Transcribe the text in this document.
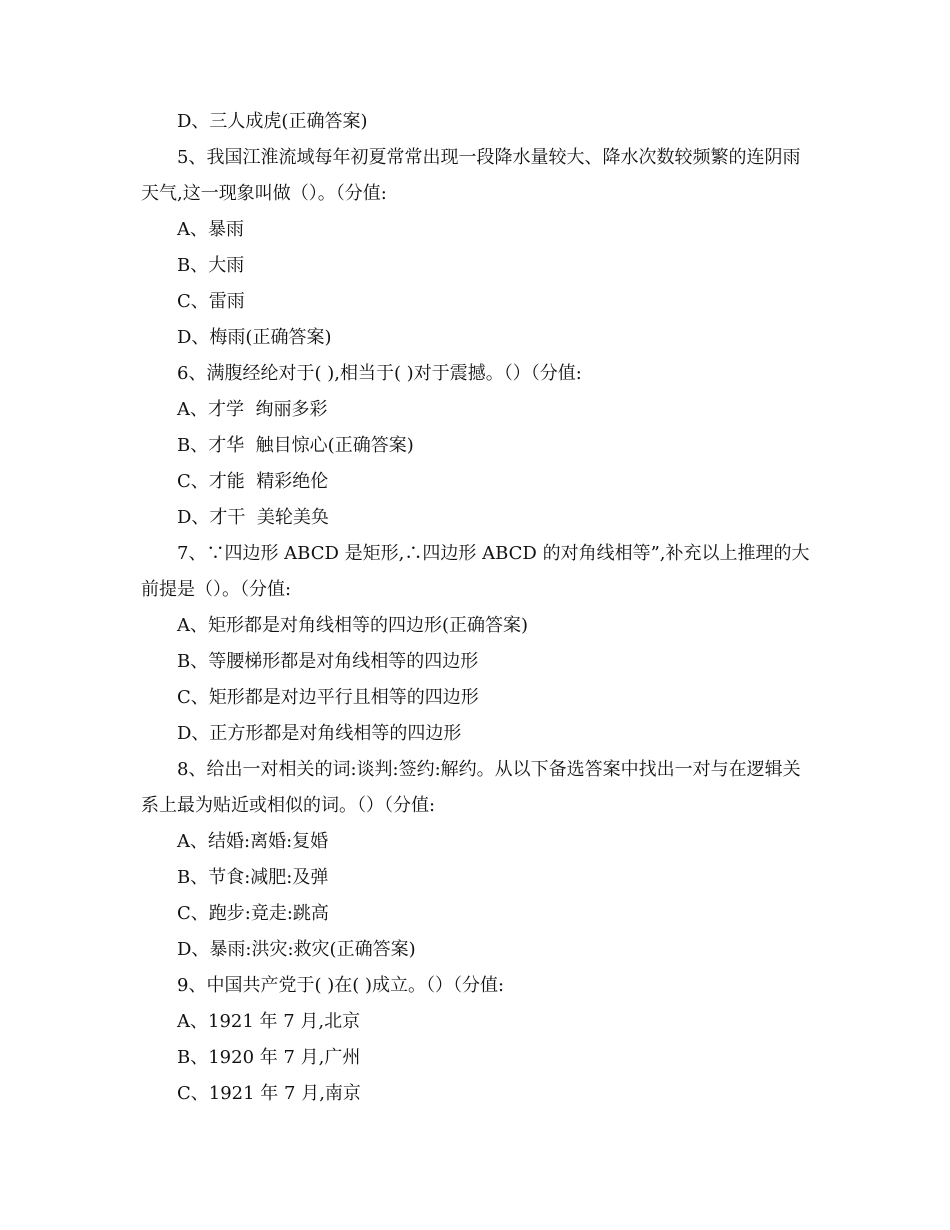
D、三人成虎(正确答案)
5、我国江淮流域每年初夏常常出现一段降水量较大、降水次数较频繁的连阴雨天气,这一现象叫做（）。（分值:
A、暴雨
B、大雨
C、雷雨
D、梅雨(正确答案)
6、满腹经纶对于( ),相当于( )对于震撼。（）（分值:
A、才学  绚丽多彩
B、才华  触目惊心(正确答案)
C、才能  精彩绝伦
D、才干  美轮美奂
7、∵四边形 ABCD 是矩形,∴四边形 ABCD 的对角线相等”,补充以上推理的大前提是（）。（分值:
A、矩形都是对角线相等的四边形(正确答案)
B、等腰梯形都是对角线相等的四边形
C、矩形都是对边平行且相等的四边形
D、正方形都是对角线相等的四边形
8、给出一对相关的词:谈判:签约:解约。从以下备选答案中找出一对与在逻辑关系上最为贴近或相似的词。（）（分值:
A、结婚:离婚:复婚
B、节食:减肥:及弹
C、跑步:竟走:跳高
D、暴雨:洪灾:救灾(正确答案)
9、中国共产党于( )在( )成立。（）（分值:
A、1921 年 7 月,北京
B、1920 年 7 月,广州
C、1921 年 7 月,南京
